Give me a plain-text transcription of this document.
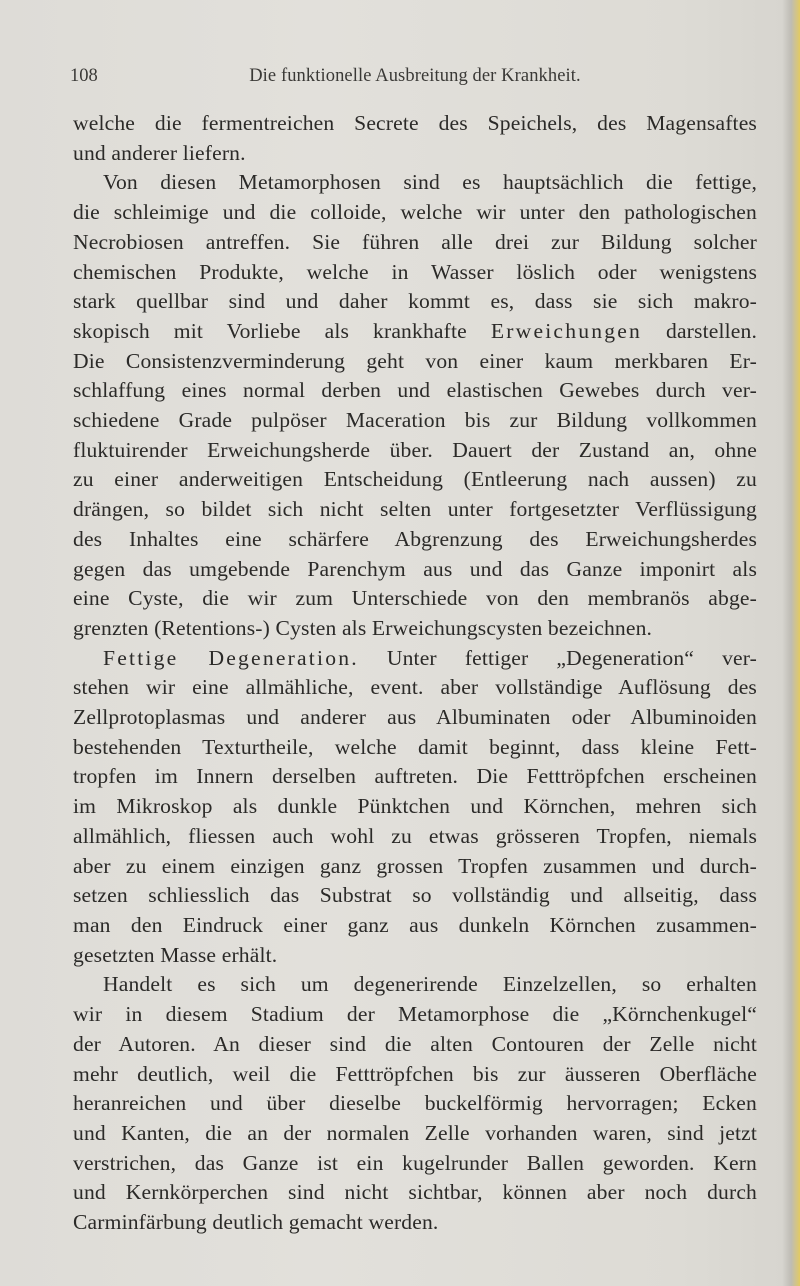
108	Die funktionelle Ausbreitung der Krankheit.

welche die fermentreichen Secrete des Speichels, des Magensaftes

und anderer liefern.

Von diesen Metamorphosen sind es hauptsächlich die fettige,

die schleimige und die colloide, welche wir unter den pathologischen

Necrobiosen antreffen. Sie führen alle drei zur Bildung solcher

chemischen Produkte, welche in Wasser löslich oder wenigstens

stark quellbar sind und daher kommt es, dass sie sich makro-

skopisch mit Vorliebe als krankhafte Erweichungen darstellen.

Die Consistenzverminderung geht von einer kaum merkbaren Er-

schlaffung eines normal derben und elastischen Gewebes durch ver-

schiedene Grade pulpöser Maceration bis zur Bildung vollkommen

fluktuirender Erweichungsherde über. Dauert der Zustand an, ohne

zu einer anderweitigen Entscheidung (Entleerung nach aussen) zu

drängen, so bildet sich nicht selten unter fortgesetzter Verflüssigung

des Inhaltes eine schärfere Abgrenzung des Erweichungsherdes

gegen das umgebende Parenchym aus und das Ganze imponirt als

eine Cyste, die wir zum Unterschiede von den membranös abge-

grenzten (Retentions-) Cysten als Erweichungscysten bezeichnen.

Fettige Degeneration. Unter fettiger „Degeneration“ ver-

stehen wir eine allmähliche, event. aber vollständige Auflösung des

Zellprotoplasmas und anderer aus Albuminaten oder Albuminoiden

bestehenden Texturtheile, welche damit beginnt, dass kleine Fett-

tropfen im Innern derselben auftreten. Die Fetttröpfchen erscheinen

im Mikroskop als dunkle Pünktchen und Körnchen, mehren sich

allmählich, fliessen auch wohl zu etwas grösseren Tropfen, niemals

aber zu einem einzigen ganz grossen Tropfen zusammen und durch-

setzen schliesslich das Substrat so vollständig und allseitig, dass

man den Eindruck einer ganz aus dunkeln Körnchen zusammen-

gesetzten Masse erhält.

Handelt es sich um degenerirende Einzelzellen, so erhalten

wir in diesem Stadium der Metamorphose die „Körnchenkugel“

der Autoren. An dieser sind die alten Contouren der Zelle nicht

mehr deutlich, weil die Fetttröpfchen bis zur äusseren Oberfläche

heranreichen und über dieselbe buckelförmig hervorragen; Ecken

und Kanten, die an der normalen Zelle vorhanden waren, sind jetzt

verstrichen, das Ganze ist ein kugelrunder Ballen geworden. Kern

und Kernkörperchen sind nicht sichtbar, können aber noch durch

Carminfärbung deutlich gemacht werden.
